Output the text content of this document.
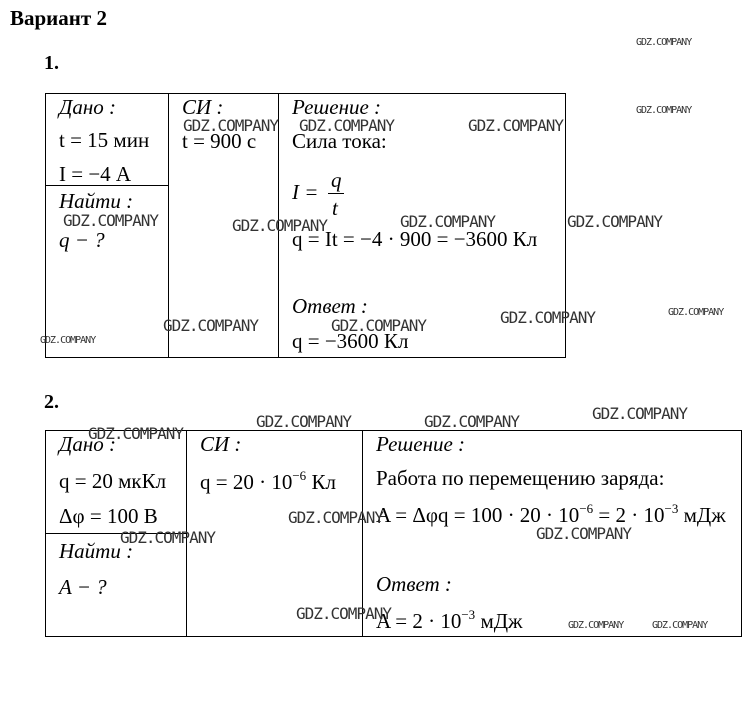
Вариант 2
1.
Дано :
t = 15 мин
I = −4 А
Найти :
q − ?
СИ :
t = 900 с
Решение :
Сила тока:
I = q
t
q = It = −4 · 900 = −3600 Кл
Ответ :
q = −3600 Кл
2.
Дано :
q = 20 мкКл
Δφ = 100 В
Найти :
A − ?
СИ :
$q = 20 \cdot 10^{-6}$ Кл
Решение :
Работа по перемещению заряда:
$A = \Delta\varphi q = 100 \cdot 20 \cdot 10^{-6} = 2 \cdot 10^{-3}$ мДж
Ответ :
$A = 2 \cdot 10^{-3}$ мДж
GDZ.COMPANY
GDZ.COMPANY
GDZ.COMPANY GDZ.COMPANY	GDZ.COMPANY
GDZ.COMPANY	GDZ.COMPANY	GDZ.COMPANY	GDZ.COMPANY
GDZ.COMPANY	GDZ.COMPANY
GDZ.COMPANY	GDZ.COMPANY
GDZ.COMPANY
GDZ.COMPANY
GDZ.COMPANY	GDZ.COMPANY
GDZ.COMPANY
GDZ.COMPANY
GDZ.COMPANY	GDZ.COMPANY
GDZ.COMPANY
GDZ.COMPANY	GDZ.COMPANY
